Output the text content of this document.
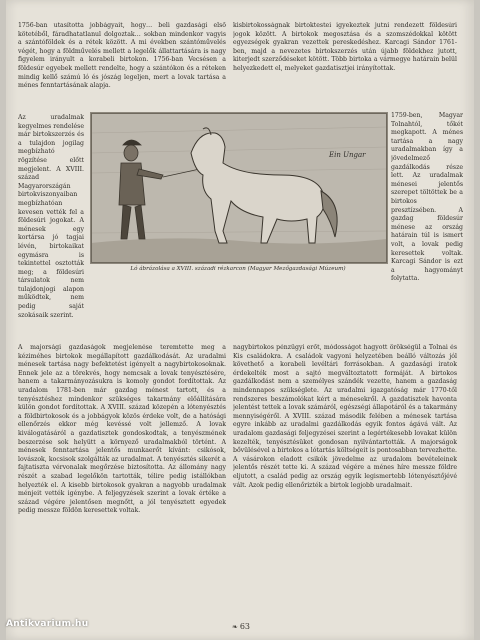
1756-ban utasította jobbágyait, hogy… beli gazdasági első kötetéből, fáradhatatlanul dolgoztak… sokban mindenkor vagyis a szántóföldek és a rétek között. A mi években szántóművelés végét, hogy a földművelés mellett a legelők állattartására is nagy figyelem irányult a korabeli birtokon. 1756-ban Vecsésen a földesúr egyebek mellett rendelte, hogy a szántókon és a réteken mindig kellő számú ló és jószág legeljen, mert a lovak tartása a ménes fenntartásának alapja.

Az uradalmak kegyelmes rendelése már birtokszerzés és a tulajdon jogilag megbízható rögzítése előtt megjelent. A XVIII. század Magyarországán birtokviszonyaiban megbízhatóan kevesen vették fel a földesúri jogokat. A ménesek egy kortársa jó tagjai lévén, birtokaikat egymásra is tekintettel osztották meg; a földesúri társulatok nem tulajdonjogi alapon működtek, nem pedig saját szokásaik szerint.

kisbirtokosságnak birtoktestei igyekeztek jutni rendezett földesúri jogok között. A birtokok megosztása és a szomszédokkal kötött egyezségek gyakran vezettek pereskedéshez. Karcagi Sándor 1761-ben, majd a nevezetes birtokszerzés után újabb földekhez jutott, kiterjedt szerződéseket kötött. Több birtoka a vármegye határain belül helyezkedett el, melyeket gazdatisztjei irányítottak.

1759-ben, Magyar Tolnahtól, tőkét megkapott. A ménes tartása a nagy uradalmakban így a jövedelmező gazdálkodás része lett. Az uradalmak ménesei jelentős szerepet töltöttek be a birtokos presztízsében. A gazdag földesúr ménese az ország határain túl is ismert volt, a lovak pedig keresettek voltak. Karcagi Sándor is ezt a hagyományt folytatta.

Ein Ungar
Ló ábrázolása a XVIII. századi rézkarcon (Magyar Mezőgazdasági Múzeum)

A majorsági gazdaságok megjelenése teremtette meg a kéziméhes birtokok megállapított gazdálkodását. Az uradalmi ménesek tartása nagy befektetést igényelt a nagybirtokosoknak. Ennek jele az a törekvés, hogy nemcsak a lovak tenyésztésére, hanem a takarmányozásukra is komoly gondot fordítottak. Az uradalom 1781-ben már gazdag ménest tartott, és a tenyésztéshez mindenkor szükséges takarmány előállítására külön gondot fordítottak. A XVIII. század közepén a lótenyésztés a földbirtokosok és a jobbágyok közös érdeke volt, de a hatósági ellenőrzés ekkor még kevéssé volt jellemző. A lovak kiválogatásáról a gazdatisztek gondoskodtak, a tenyészmének beszerzése sok helyütt a környező uradalmakból történt. A ménesek fenntartása jelentős munkaerőt kívánt: csikósok, lovászok, kocsisok szolgálták az uradalmat. A tenyésztés sikerét a fajtatiszta vérvonalak megőrzése biztosította. Az állomány nagy részét a szabad legelőkön tartották, télire pedig istállókban helyezték el. A kisebb birtokosok gyakran a nagyobb uradalmak ménjeit vették igénybe. A feljegyzések szerint a lovak értéke a század végére jelentősen megnőtt, a jól tenyésztett egyedek pedig messze földön keresettek voltak.

nagybirtokos pénzügyi erőt, módosságot hagyott örökségül a Tolnai és Kis családokra. A családok vagyoni helyzetében beálló változás jól követhető a korabeli levéltári forrásokban. A gazdasági iratok érdekelték most a sajtó megváltoztatott formáját. A birtokos gazdálkodást nem a személyes szándék vezette, hanem a gazdaság mindennapos szükséglete. Az uradalmi igazgatóság már 1770-től rendszeres beszámolókat kért a ménesekről. A gazdatisztek havonta jelentést tettek a lovak számáról, egészségi állapotáról és a takarmány mennyiségéről. A XVIII. század második felében a ménesek tartása egyre inkább az uradalmi gazdálkodás egyik fontos ágává vált. Az uradalom gazdasági feljegyzései szerint a legértékesebb lovakat külön kezelték, tenyésztésüket gondosan nyilvántartották. A majorságok bővülésével a birtokos a lótartás költségeit is pontosabban tervezhette. A vásárokon eladott csikók jövedelme az uradalom bevételeinek jelentős részét tette ki. A század végére a ménes híre messze földre eljutott, a család pedig az ország egyik legismertebb lótenyésztőjévé vált. Azok pedig ellenőrizték a birtok legjobb uradalmait.

❧ 63
Antikvarium.hu
